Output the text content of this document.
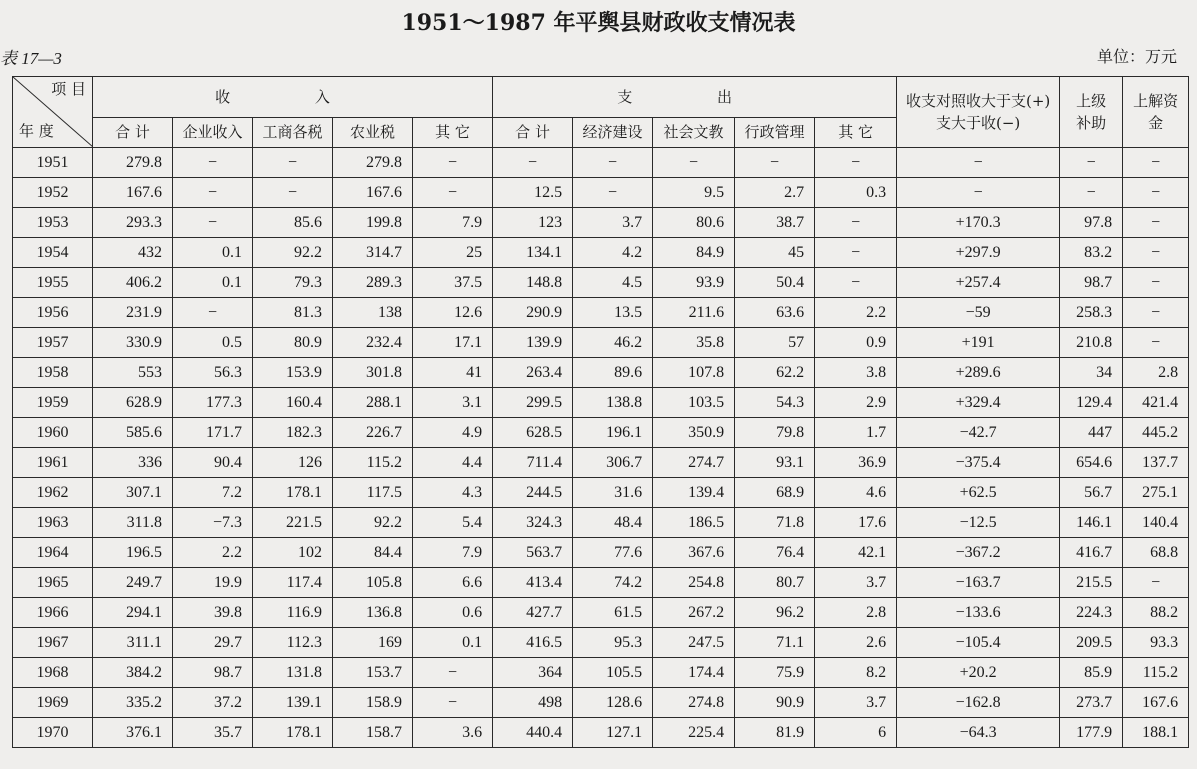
1951～1987 年平舆县财政收支情况表
表 17—3	单位：万元
项 目
年 度	收 入					支 出					收支对照收大于支(+)支大于收(−)	上级补助	上解资金
	合 计	企业收入	工商各税	农业税	其 它	合 计	经济建设	社会文教	行政管理	其 它			
1951	279.8	−	−	279.8	−	−	−	−	−	−	−	−	−
1952	167.6	−	−	167.6	−	12.5	−	9.5	2.7	0.3	−	−	−
1953	293.3	−	85.6	199.8	7.9	123	3.7	80.6	38.7	−	+170.3	97.8	−
1954	432	0.1	92.2	314.7	25	134.1	4.2	84.9	45	−	+297.9	83.2	−
1955	406.2	0.1	79.3	289.3	37.5	148.8	4.5	93.9	50.4	−	+257.4	98.7	−
1956	231.9	−	81.3	138	12.6	290.9	13.5	211.6	63.6	2.2	−59	258.3	−
1957	330.9	0.5	80.9	232.4	17.1	139.9	46.2	35.8	57	0.9	+191	210.8	−
1958	553	56.3	153.9	301.8	41	263.4	89.6	107.8	62.2	3.8	+289.6	34	2.8
1959	628.9	177.3	160.4	288.1	3.1	299.5	138.8	103.5	54.3	2.9	+329.4	129.4	421.4
1960	585.6	171.7	182.3	226.7	4.9	628.5	196.1	350.9	79.8	1.7	−42.7	447	445.2
1961	336	90.4	126	115.2	4.4	711.4	306.7	274.7	93.1	36.9	−375.4	654.6	137.7
1962	307.1	7.2	178.1	117.5	4.3	244.5	31.6	139.4	68.9	4.6	+62.5	56.7	275.1
1963	311.8	−7.3	221.5	92.2	5.4	324.3	48.4	186.5	71.8	17.6	−12.5	146.1	140.4
1964	196.5	2.2	102	84.4	7.9	563.7	77.6	367.6	76.4	42.1	−367.2	416.7	68.8
1965	249.7	19.9	117.4	105.8	6.6	413.4	74.2	254.8	80.7	3.7	−163.7	215.5	−
1966	294.1	39.8	116.9	136.8	0.6	427.7	61.5	267.2	96.2	2.8	−133.6	224.3	88.2
1967	311.1	29.7	112.3	169	0.1	416.5	95.3	247.5	71.1	2.6	−105.4	209.5	93.3
1968	384.2	98.7	131.8	153.7	−	364	105.5	174.4	75.9	8.2	+20.2	85.9	115.2
1969	335.2	37.2	139.1	158.9	−	498	128.6	274.8	90.9	3.7	−162.8	273.7	167.6
1970	376.1	35.7	178.1	158.7	3.6	440.4	127.1	225.4	81.9	6	−64.3	177.9	188.1
